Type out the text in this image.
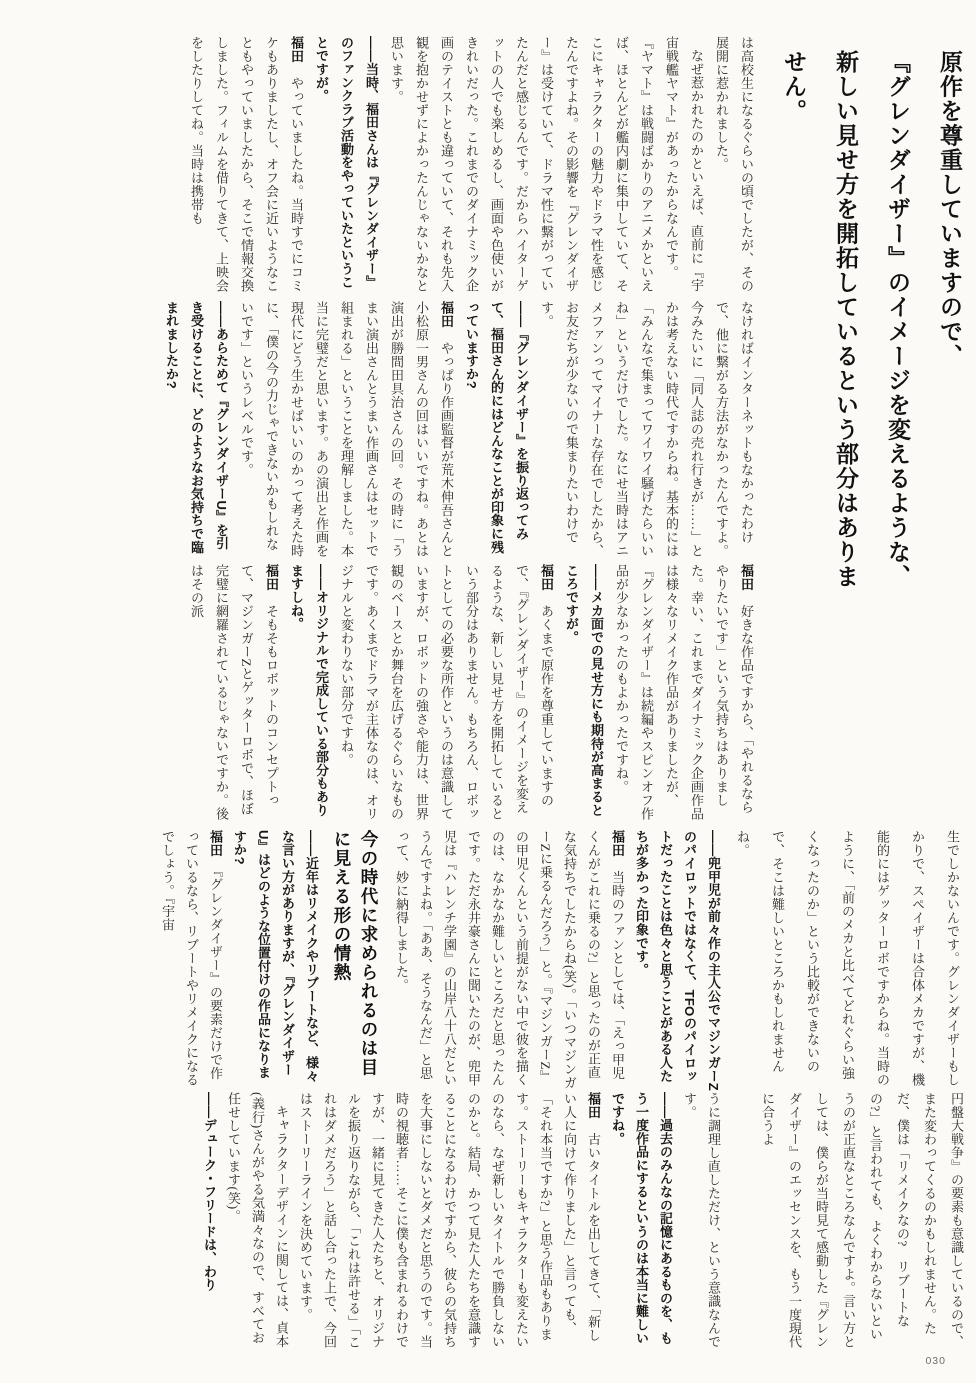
原作を尊重していますので、
『グレンダイザー』のイメージを変えるような、
新しい見せ方を開拓しているという部分はありません。

は高校生になるぐらいの頃でしたが、その展開に惹かれました。

なぜ惹かれたのかといえば、直前に『宇宙戦艦ヤマト』があったからなんです。『ヤマト』は戦闘ばかりのアニメかといえば、ほとんどが艦内劇に集中していて、そこにキャラクターの魅力やドラマ性を感じたんですよね。その影響を『グレンダイザー』は受けていて、ドラマ性に繋がっていたんだと感じるんです。だからハイターゲットの人でも楽しめるし、画面や色使いがきれいだった。これまでのダイナミック企画のテイストとも違っていて、それも先入観を抱かせずによかったんじゃないかなと思います。

――当時、福田さんは『グレンダイザー』のファンクラブ活動をやっていたということですが。

福田　やっていましたね。当時すでにコミケもありましたし、オフ会に近いようなこともやっていましたから、そこで情報交換しました。フィルムを借りてきて、上映会をしたりしてね。当時は携帯も

なければインターネットもなかったわけで、他に繋がる方法がなかったんですよ。今みたいに「同人誌の売れ行きが……」とかは考えない時代ですからね。基本的には「みんなで集まってワイワイ騒げたらいいね」というだけでした。なにせ当時はアニメファンってマイナーな存在でしたから、お友だちが少ないので集まりたいわけです。

――『グレンダイザー』を振り返ってみて、福田さん的にはどんなことが印象に残っていますか?

福田　やっぱり作画監督が荒木伸吾さんと小松原一男さんの回はいいですね。あとは演出が勝間田具治さんの回。その時に「うまい演出さんとうまい作画さんはセットで組まれる」ということを理解しました。本当に完璧だと思います。あの演出と作画を現代にどう生かせばいいのかって考えた時に、「僕の今の力じゃできないかもしれないです」というレベルです。

――あらためて『グレンダイザーU』を引き受けることに、どのようなお気持ちで臨まれましたか?

福田　好きな作品ですから、「やれるならやりたいです」という気持ちはありました。幸い、これまでダイナミック企画作品は様々なリメイク作品がありましたが、『グレンダイザー』は続編やスピンオフ作品が少なかったのもよかったですね。

――メカ面での見せ方にも期待が高まるところですが。

福田　あくまで原作を尊重していますので、『グレンダイザー』のイメージを変えるような、新しい見せ方を開拓しているという部分はありません。もちろん、ロボットとしての必要な所作というのは意識していますが、ロボットの強さや能力は、世界観のベースとか舞台を広げるぐらいなものです。あくまでドラマが主体なのは、オリジナルと変わりない部分ですね。

――オリジナルで完成している部分もありますしね。

福田　そもそもロボットのコンセプトって、マジンガーZとゲッターロボで、ほぼ完璧に網羅されているじゃないですか。後はその派

生でしかないんです。グレンダイザーもしかりで、スペイザーは合体メカですが、機能的にはゲッターロボですからね。当時のように、「前のメカと比べてどれぐらい強くなったのか」という比較ができないので、そこは難しいところかもしれませんね。

――兜甲児が前々作の主人公でマジンガーZのパイロットではなくて、TFOのパイロットだったことは色々と思うことがある人たちが多かった印象です。

福田　当時のファンとしては、「えっ甲児くんがこれに乗るの?」と思ったのが正直な気持ちでしたからね(笑)。「いつマジンガーZに乗るんだろう」と。『マジンガーZ』の甲児くんという前提がない中で彼を描くのは、なかなか難しいところだと思ったんです。ただ永井豪さんに聞いたのが、兜甲児は『ハレンチ学園』の山岸八十八だというんですよね。「ああ、そうなんだ」と思って、妙に納得しました。

今の時代に求められるのは目に見える形の情熱

――近年はリメイクやリブートなど、様々な言い方がありますが、『グレンダイザーU』はどのような位置付けの作品になりますか?

福田　『グレンダイザー』の要素だけで作っているなら、リブートやリメイクになるでしょう。『宇宙

円盤大戦争』の要素も意識しているので、また変わってくるのかもしれません。ただ、僕は「リメイクなの?　リブートなの?」と言われても、よくわからないというのが正直なところなんですよ。言い方としては、僕らが当時見て感動した『グレンダイザー』のエッセンスを、もう一度現代に合うよ

うに調理し直しただけ、という意識なんです。

――過去のみんなの記憶にあるものを、もう一度作品にするというのは本当に難しいですね。

福田　古いタイトルを出してきて、「新しい人に向けて作りました」と言っても、「それ本当ですか?」と思う作品もあります。ストーリーもキャラクターも変えたいのなら、なぜ新しいタイトルで勝負しないのかと。結局、かつて見た人たちを意識することになるわけですから、彼らの気持ちを大事にしないとダメだと思うのです。当時の視聴者……そこに僕も含まれるわけですが、一緒に見てきた人たちと、オリジナルを振り返りながら、「これは許せる」「これはダメだろう」と話し合った上で、今回はストーリーラインを決めています。

キャラクターデザインに関しては、貞本(義行)さんがやる気満々なので、すべてお任せしています(笑)。

――デューク・フリードは、わり

030
